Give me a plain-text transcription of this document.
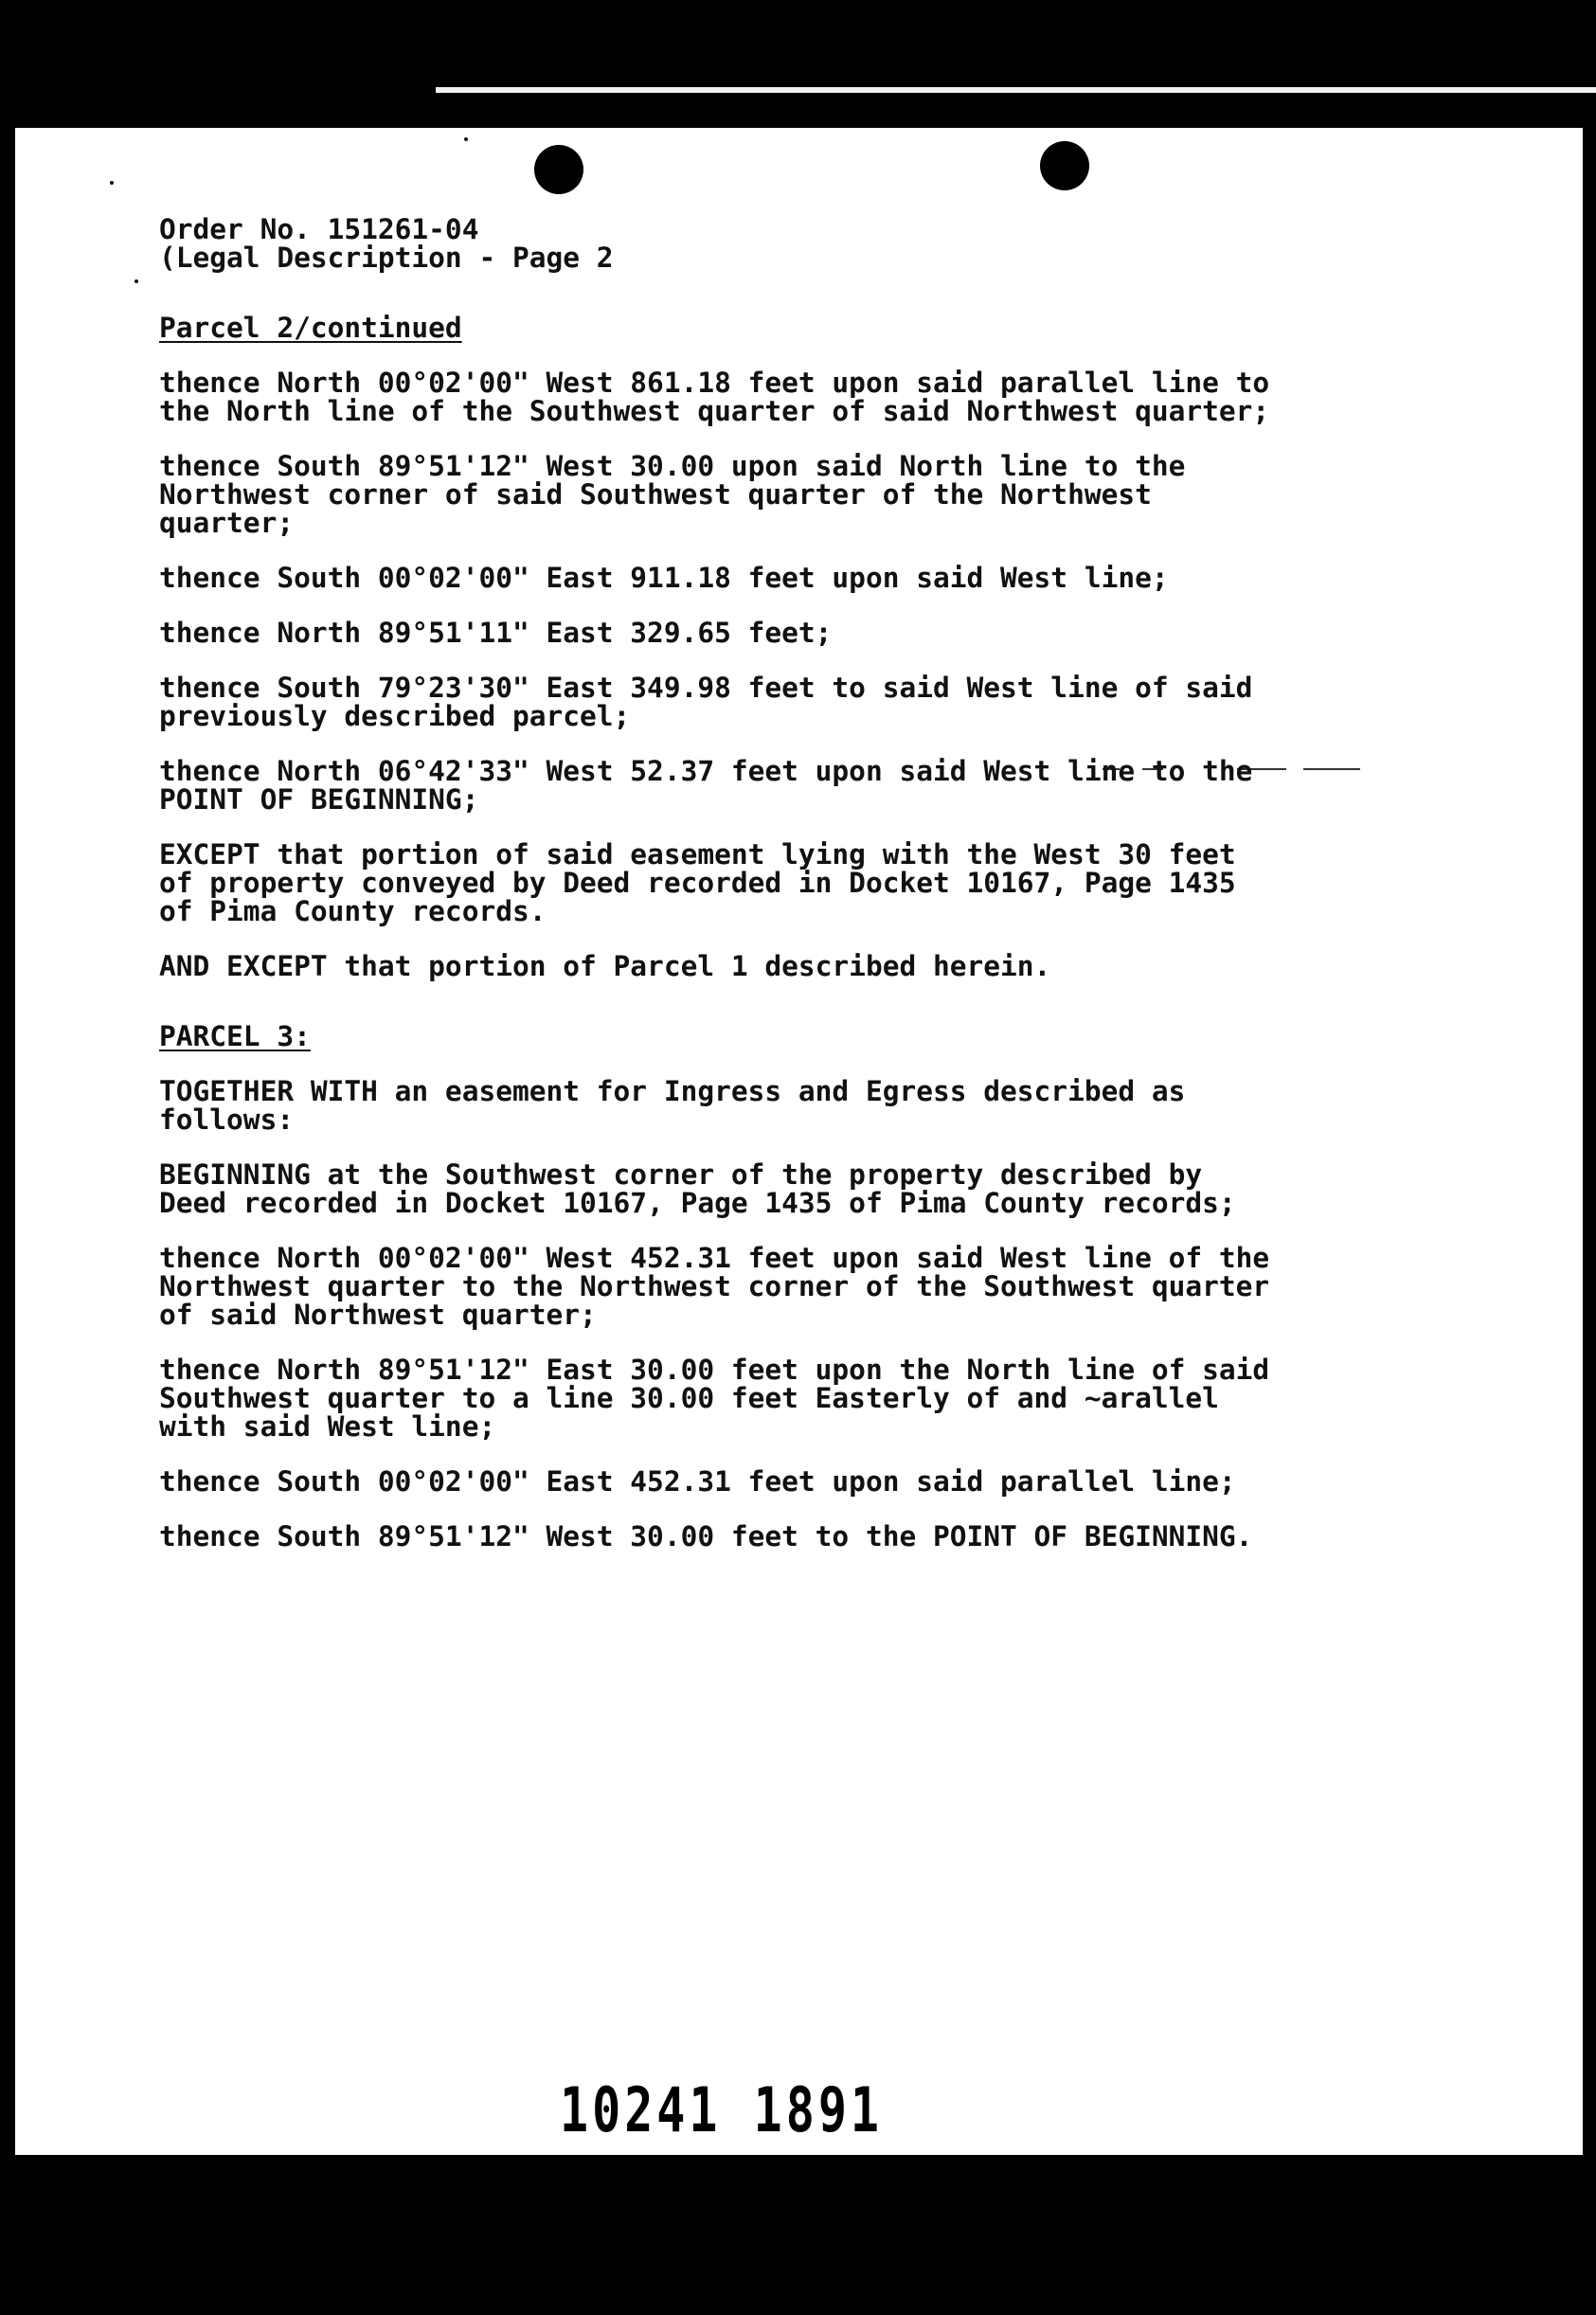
Order No. 151261-04

(Legal Description - Page 2

Parcel 2/continued

thence North 00°02'00" West 861.18 feet upon said parallel line to
the North line of the Southwest quarter of said Northwest quarter;

thence South 89°51'12" West 30.00 upon said North line to the
Northwest corner of said Southwest quarter of the Northwest
quarter;

thence South 00°02'00" East 911.18 feet upon said West line;

thence North 89°51'11" East 329.65 feet;

thence South 79°23'30" East 349.98 feet to said West line of said
previously described parcel;

thence North 06°42'33" West 52.37 feet upon said West line to the
POINT OF BEGINNING;

EXCEPT that portion of said easement lying with the West 30 feet
of property conveyed by Deed recorded in Docket 10167, Page 1435
of Pima County records.

AND EXCEPT that portion of Parcel 1 described herein.

PARCEL 3:

TOGETHER WITH an easement for Ingress and Egress described as
follows:

BEGINNING at the Southwest corner of the property described by
Deed recorded in Docket 10167, Page 1435 of Pima County records;

thence North 00°02'00" West 452.31 feet upon said West line of the
Northwest quarter to the Northwest corner of the Southwest quarter
of said Northwest quarter;

thence North 89°51'12" East 30.00 feet upon the North line of said
Southwest quarter to a line 30.00 feet Easterly of and ~arallel
with said West line;

thence South 00°02'00" East 452.31 feet upon said parallel line;

thence South 89°51'12" West 30.00 feet to the POINT OF BEGINNING.

10241 1891
